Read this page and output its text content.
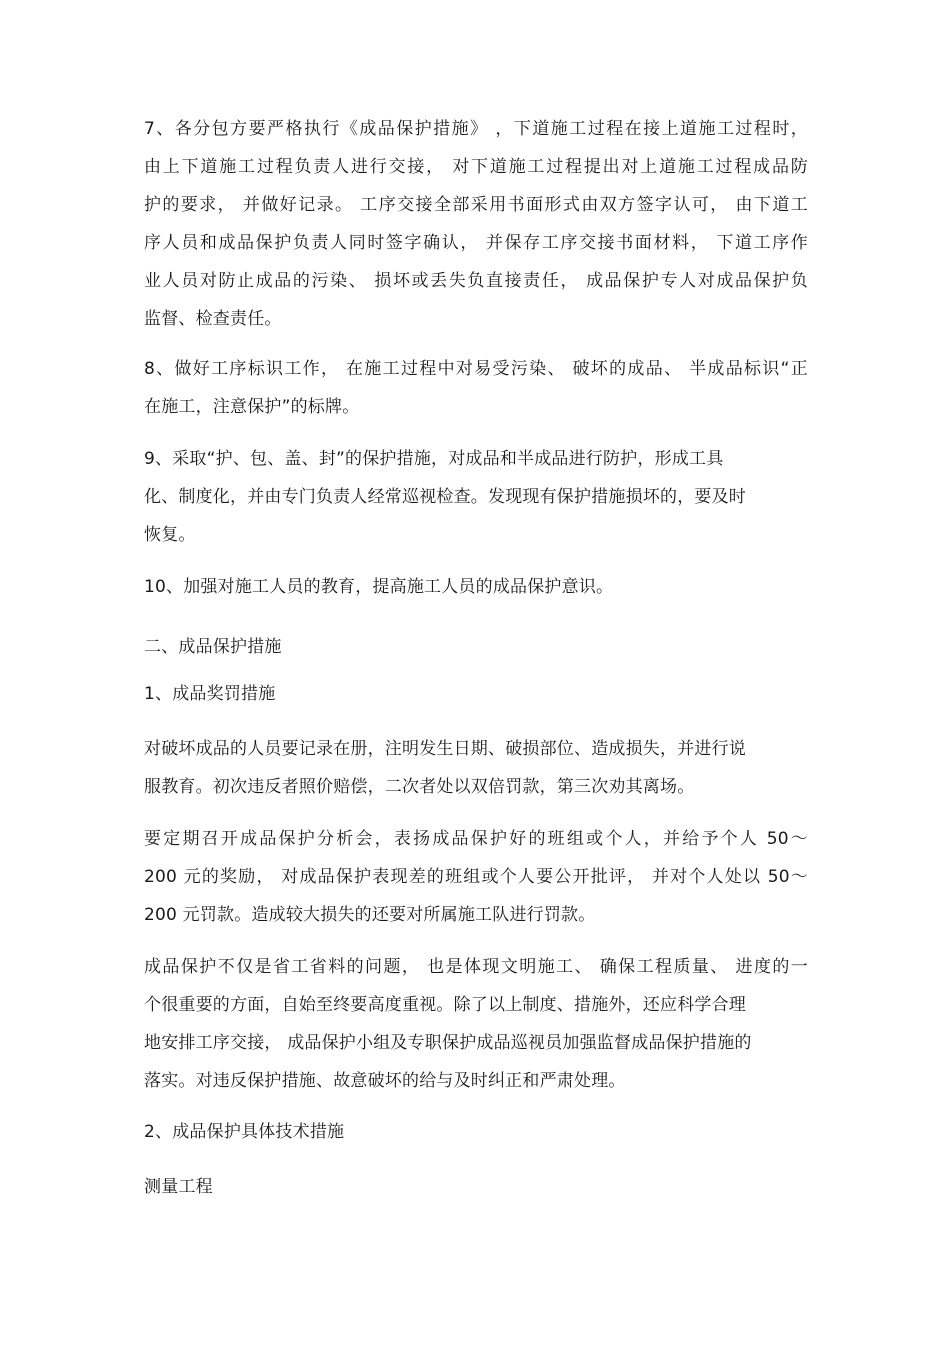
7、各分包方要严格执行《成品保护措施》 ，下道施工过程在接上道施工过程时，
由上下道施工过程负责人进行交接， 对下道施工过程提出对上道施工过程成品防
护的要求， 并做好记录。 工序交接全部采用书面形式由双方签字认可， 由下道工
序人员和成品保护负责人同时签字确认， 并保存工序交接书面材料， 下道工序作
业人员对防止成品的污染、 损坏或丢失负直接责任， 成品保护专人对成品保护负
监督、检查责任。
8、做好工序标识工作， 在施工过程中对易受污染、 破坏的成品、 半成品标识“正
在施工，注意保护”的标牌。
9、采取“护、包、盖、封”的保护措施，对成品和半成品进行防护，形成工具
化、制度化，并由专门负责人经常巡视检查。发现现有保护措施损坏的，要及时
恢复。
10、加强对施工人员的教育，提高施工人员的成品保护意识。
二、成品保护措施
1、成品奖罚措施
对破坏成品的人员要记录在册，注明发生日期、破损部位、造成损失，并进行说
服教育。初次违反者照价赔偿，二次者处以双倍罚款，第三次劝其离场。
要定期召开成品保护分析会，表扬成品保护好的班组或个人，并给予个人 50～
200 元的奖励， 对成品保护表现差的班组或个人要公开批评， 并对个人处以 50～
200 元罚款。造成较大损失的还要对所属施工队进行罚款。
成品保护不仅是省工省料的问题， 也是体现文明施工、 确保工程质量、 进度的一
个很重要的方面，自始至终要高度重视。除了以上制度、措施外，还应科学合理
地安排工序交接， 成品保护小组及专职保护成品巡视员加强监督成品保护措施的
落实。对违反保护措施、故意破坏的给与及时纠正和严肃处理。
2、成品保护具体技术措施
测量工程
